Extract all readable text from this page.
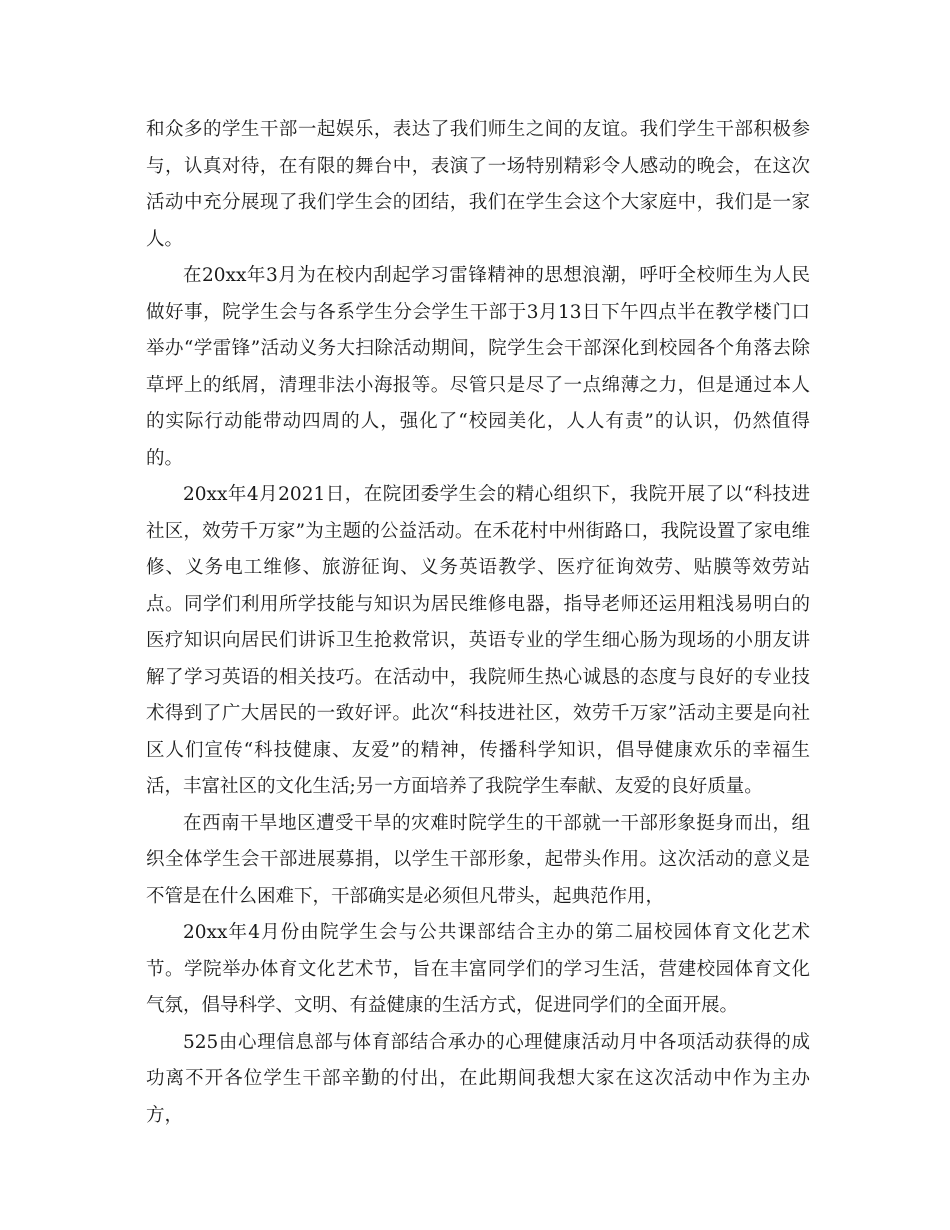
和众多的学生干部一起娱乐，表达了我们师生之间的友谊。我们学生干部积极参与，认真对待，在有限的舞台中，表演了一场特别精彩令人感动的晚会，在这次活动中充分展现了我们学生会的团结，我们在学生会这个大家庭中，我们是一家人。

在20xx年3月为在校内刮起学习雷锋精神的思想浪潮，呼吁全校师生为人民做好事，院学生会与各系学生分会学生干部于3月13日下午四点半在教学楼门口举办“学雷锋”活动义务大扫除活动期间，院学生会干部深化到校园各个角落去除草坪上的纸屑，清理非法小海报等。尽管只是尽了一点绵薄之力，但是通过本人的实际行动能带动四周的人，强化了“校园美化，人人有责”的认识，仍然值得的。

20xx年4月2021日，在院团委学生会的精心组织下，我院开展了以“科技进社区，效劳千万家”为主题的公益活动。在禾花村中州街路口，我院设置了家电维修、义务电工维修、旅游征询、义务英语教学、医疗征询效劳、贴膜等效劳站点。同学们利用所学技能与知识为居民维修电器，指导老师还运用粗浅易明白的医疗知识向居民们讲诉卫生抢救常识，英语专业的学生细心肠为现场的小朋友讲解了学习英语的相关技巧。在活动中，我院师生热心诚恳的态度与良好的专业技术得到了广大居民的一致好评。此次“科技进社区，效劳千万家”活动主要是向社区人们宣传“科技健康、友爱”的精神，传播科学知识，倡导健康欢乐的幸福生活，丰富社区的文化生活;另一方面培养了我院学生奉献、友爱的良好质量。

在西南干旱地区遭受干旱的灾难时院学生的干部就一干部形象挺身而出，组织全体学生会干部进展募捐，以学生干部形象，起带头作用。这次活动的意义是不管是在什么困难下，干部确实是必须但凡带头，起典范作用，

20xx年4月份由院学生会与公共课部结合主办的第二届校园体育文化艺术节。学院举办体育文化艺术节，旨在丰富同学们的学习生活，营建校园体育文化气氛，倡导科学、文明、有益健康的生活方式，促进同学们的全面开展。

525由心理信息部与体育部结合承办的心理健康活动月中各项活动获得的成功离不开各位学生干部辛勤的付出，在此期间我想大家在这次活动中作为主办方，
